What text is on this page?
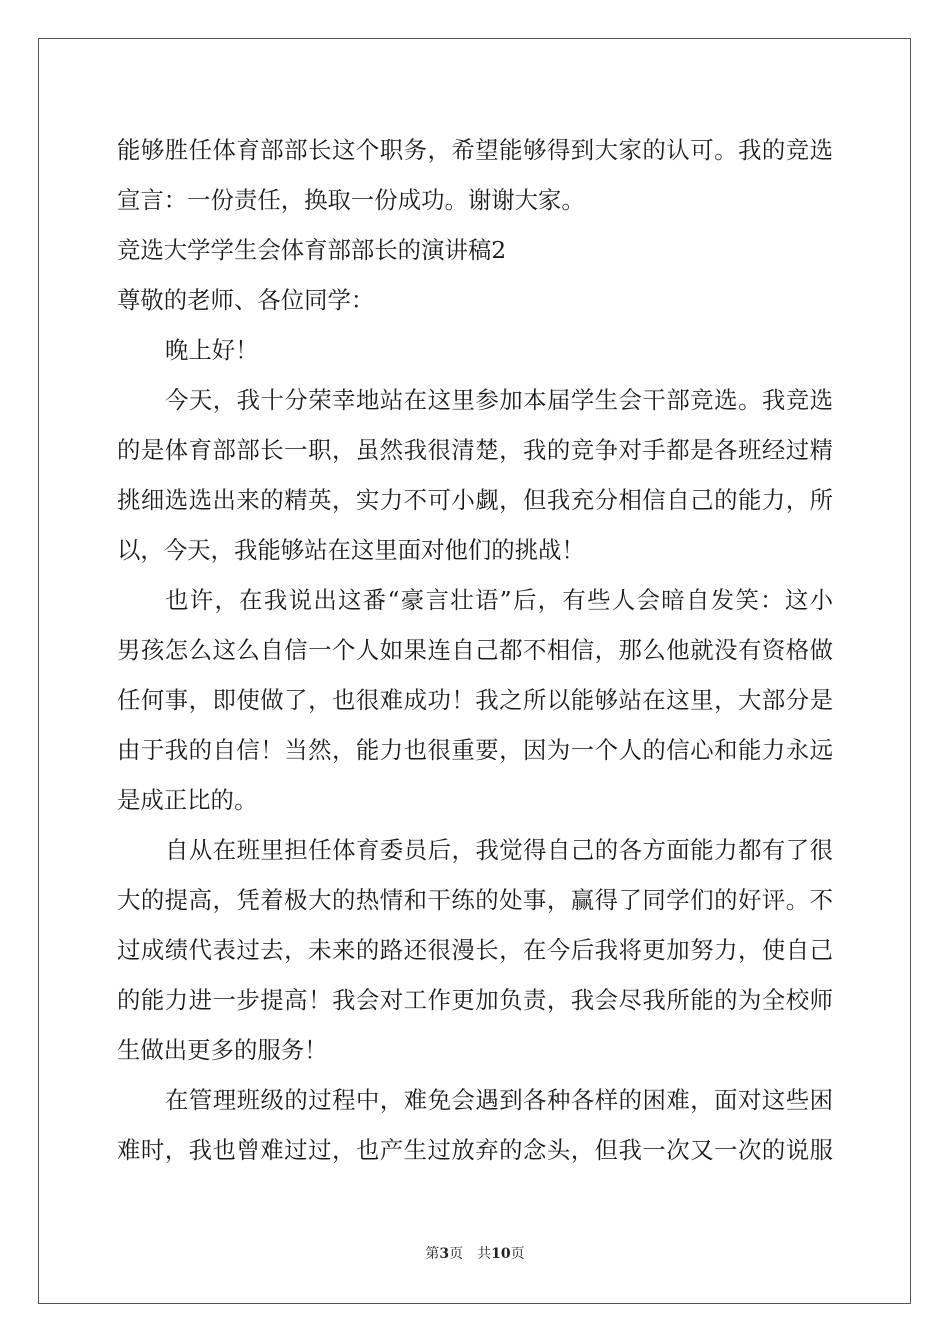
能够胜任体育部部长这个职务，希望能够得到大家的认可。我的竞选
宣言：一份责任，换取一份成功。谢谢大家。
竞选大学学生会体育部部长的演讲稿2
尊敬的老师、各位同学：
晚上好！
今天，我十分荣幸地站在这里参加本届学生会干部竞选。我竞选
的是体育部部长一职，虽然我很清楚，我的竞争对手都是各班经过精
挑细选选出来的精英，实力不可小觑，但我充分相信自己的能力，所
以，今天，我能够站在这里面对他们的挑战！
也许，在我说出这番“豪言壮语”后，有些人会暗自发笑：这小
男孩怎么这么自信一个人如果连自己都不相信，那么他就没有资格做
任何事，即使做了，也很难成功！我之所以能够站在这里，大部分是
由于我的自信！当然，能力也很重要，因为一个人的信心和能力永远
是成正比的。
自从在班里担任体育委员后，我觉得自己的各方面能力都有了很
大的提高，凭着极大的热情和干练的处事，赢得了同学们的好评。不
过成绩代表过去，未来的路还很漫长，在今后我将更加努力，使自己
的能力进一步提高！我会对工作更加负责，我会尽我所能的为全校师
生做出更多的服务！
在管理班级的过程中，难免会遇到各种各样的困难，面对这些困
难时，我也曾难过过，也产生过放弃的念头，但我一次又一次的说服
第3页 共10页
